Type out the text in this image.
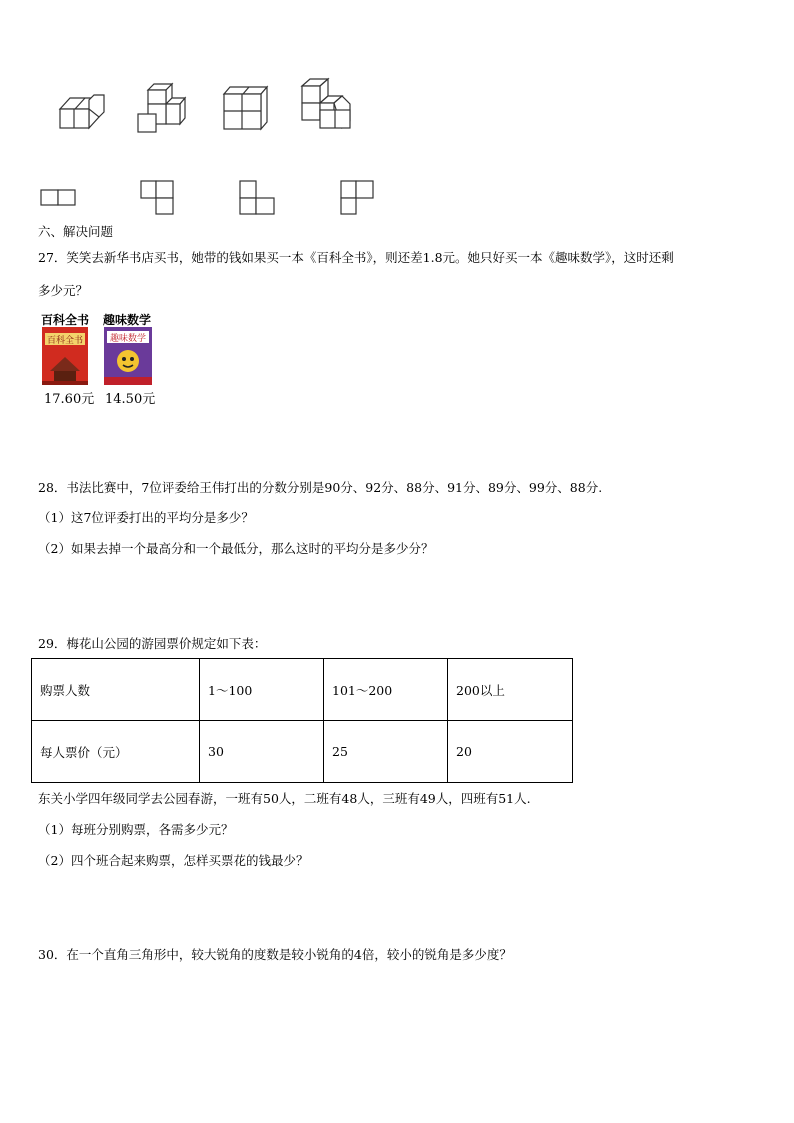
六、解决问题
27．笑笑去新华书店买书，她带的钱如果买一本《百科全书》，则还差1.8元。她只好买一本《趣味数学》，这时还剩
多少元？
百科全书 趣味数学
百科全书	趣味数学
17.60元 14.50元
28．书法比赛中，7位评委给王伟打出的分数分别是90分、92分、88分、91分、89分、99分、88分.
（1）这7位评委打出的平均分是多少？
（2）如果去掉一个最高分和一个最低分，那么这时的平均分是多少分？
29．梅花山公园的游园票价规定如下表：
购票人数	1～100	101～200	200以上
每人票价（元）	30	25	20
东关小学四年级同学去公园春游，一班有50人，二班有48人，三班有49人，四班有51人.
（1）每班分别购票，各需多少元？
（2）四个班合起来购票，怎样买票花的钱最少？
30．在一个直角三角形中，较大锐角的度数是较小锐角的4倍，较小的锐角是多少度？
